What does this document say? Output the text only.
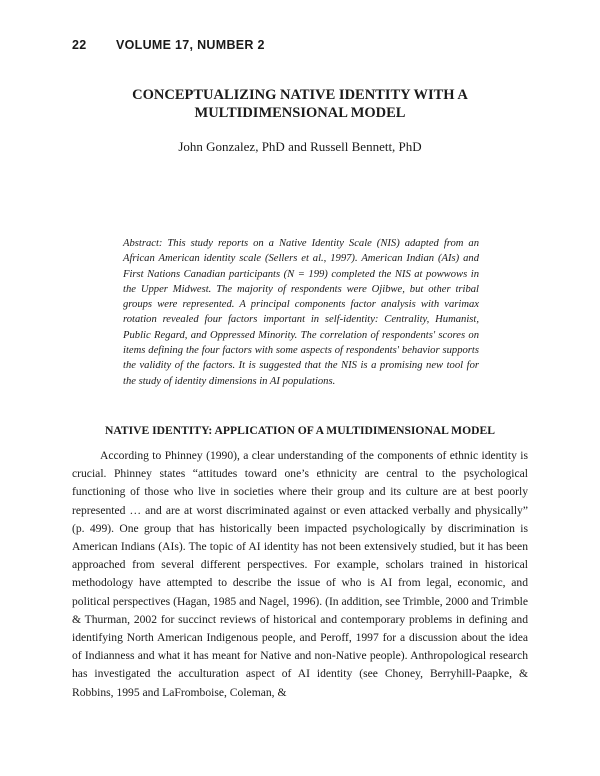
22 VOLUME 17, NUMBER 2
CONCEPTUALIZING NATIVE IDENTITY WITH A MULTIDIMENSIONAL MODEL
John Gonzalez, PhD and Russell Bennett, PhD
Abstract: This study reports on a Native Identity Scale (NIS) adapted from an African American identity scale (Sellers et al., 1997). American Indian (AIs) and First Nations Canadian participants (N = 199) completed the NIS at powwows in the Upper Midwest. The majority of respondents were Ojibwe, but other tribal groups were represented. A principal components factor analysis with varimax rotation revealed four factors important in self-identity: Centrality, Humanist, Public Regard, and Oppressed Minority. The correlation of respondents' scores on items defining the four factors with some aspects of respondents' behavior supports the validity of the factors. It is suggested that the NIS is a promising new tool for the study of identity dimensions in AI populations.
NATIVE IDENTITY: APPLICATION OF A MULTIDIMENSIONAL MODEL

According to Phinney (1990), a clear understanding of the components of ethnic identity is crucial. Phinney states “attitudes toward one’s ethnicity are central to the psychological functioning of those who live in societies where their group and its culture are at best poorly represented … and are at worst discriminated against or even attacked verbally and physically” (p. 499). One group that has historically been impacted psychologically by discrimination is American Indians (AIs). The topic of AI identity has not been extensively studied, but it has been approached from several different perspectives. For example, scholars trained in historical methodology have attempted to describe the issue of who is AI from legal, economic, and political perspectives (Hagan, 1985 and Nagel, 1996). (In addition, see Trimble, 2000 and Trimble & Thurman, 2002 for succinct reviews of historical and contemporary problems in defining and identifying North American Indigenous people, and Peroff, 1997 for a discussion about the idea of Indianness and what it has meant for Native and non-Native people). Anthropological research has investigated the acculturation aspect of AI identity (see Choney, Berryhill-Paapke, & Robbins, 1995 and LaFromboise, Coleman, &
